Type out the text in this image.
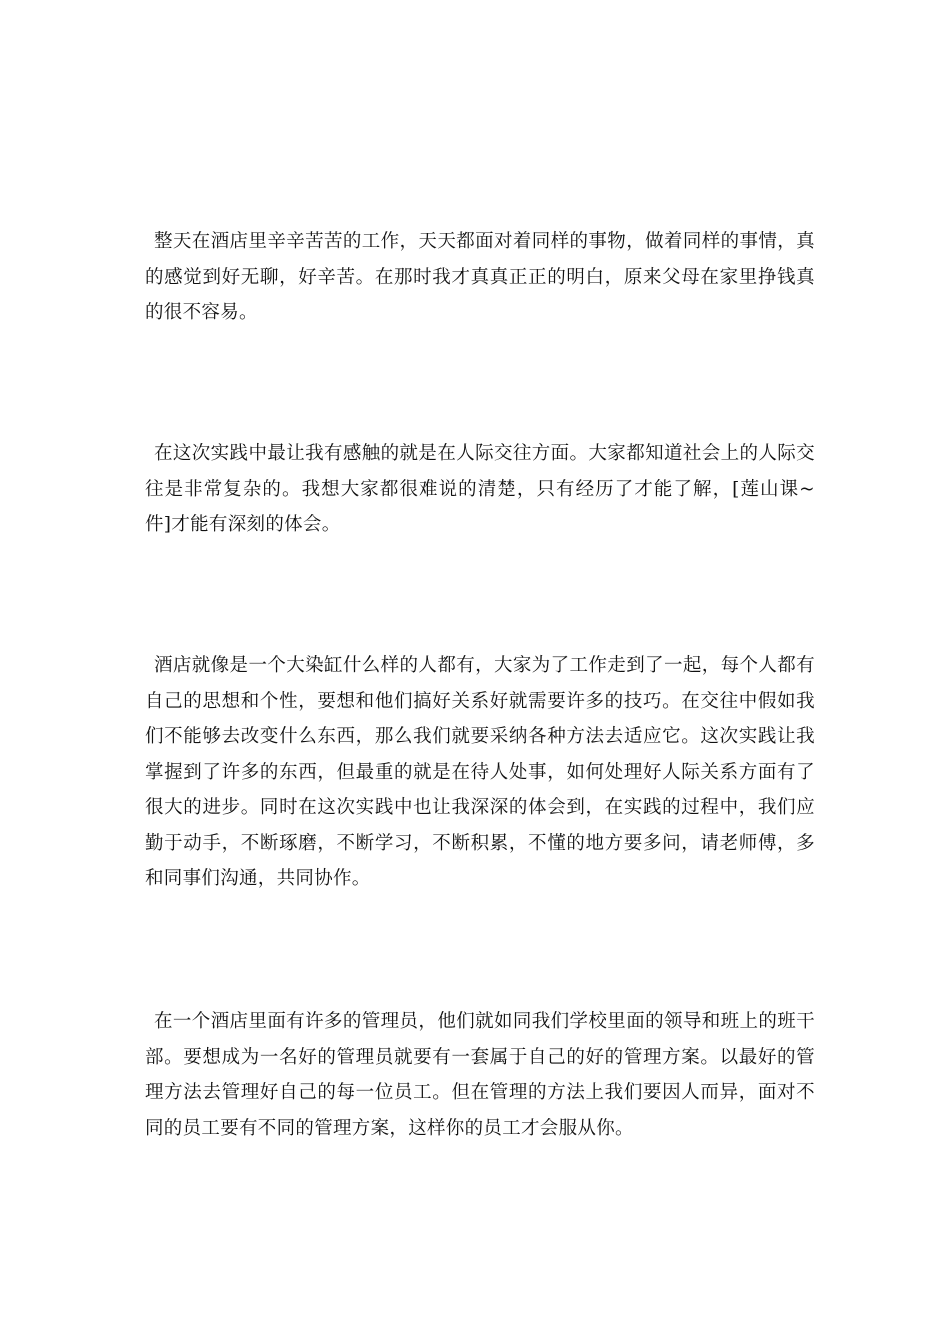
整天在酒店里辛辛苦苦的工作，天天都面对着同样的事物，做着同样的事情，真的感觉到好无聊，好辛苦。在那时我才真真正正的明白，原来父母在家里挣钱真的很不容易。

在这次实践中最让我有感触的就是在人际交往方面。大家都知道社会上的人际交往是非常复杂的。我想大家都很难说的清楚，只有经历了才能了解，[莲山课~件]才能有深刻的体会。

酒店就像是一个大染缸什么样的人都有，大家为了工作走到了一起，每个人都有自己的思想和个性，要想和他们搞好关系好就需要许多的技巧。在交往中假如我们不能够去改变什么东西，那么我们就要采纳各种方法去适应它。这次实践让我掌握到了许多的东西，但最重的就是在待人处事，如何处理好人际关系方面有了很大的进步。同时在这次实践中也让我深深的体会到，在实践的过程中，我们应勤于动手，不断琢磨，不断学习，不断积累，不懂的地方要多问，请老师傅，多和同事们沟通，共同协作。

在一个酒店里面有许多的管理员，他们就如同我们学校里面的领导和班上的班干部。要想成为一名好的管理员就要有一套属于自己的好的管理方案。以最好的管理方法去管理好自己的每一位员工。但在管理的方法上我们要因人而异，面对不同的员工要有不同的管理方案，这样你的员工才会服从你。
